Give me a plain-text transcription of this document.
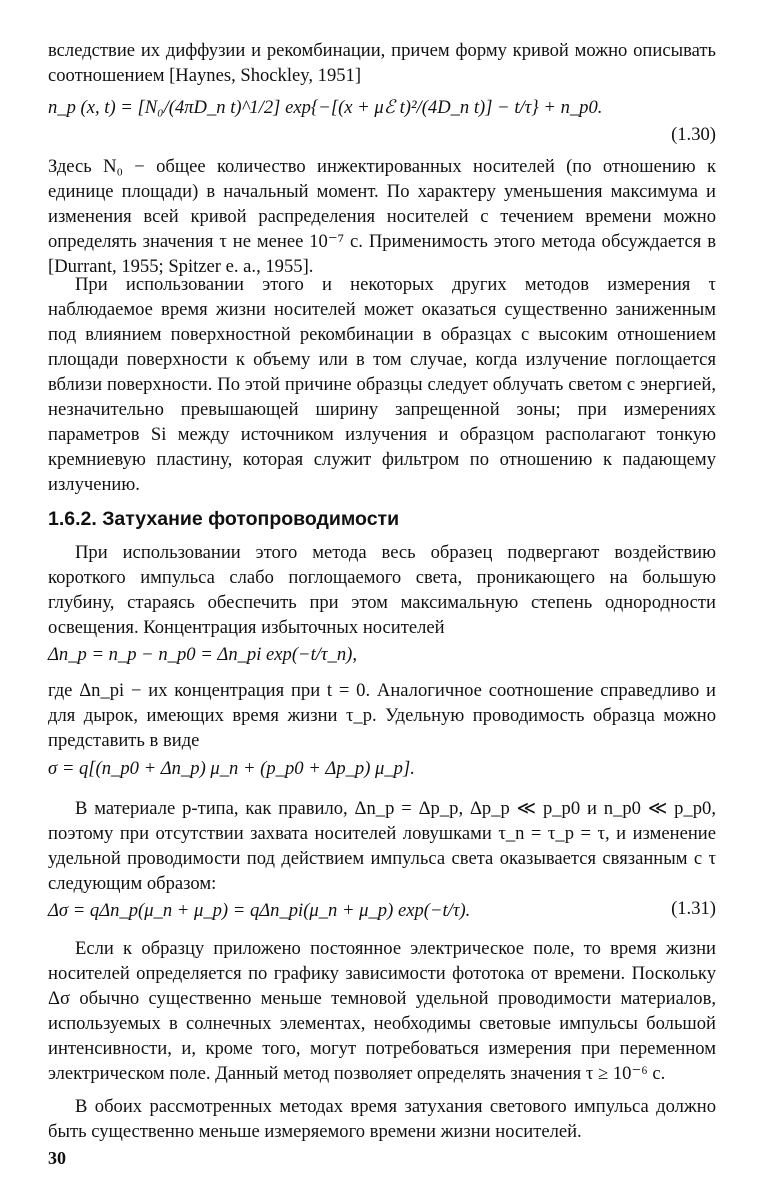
вследствие их диффузии и рекомбинации, причем форму кривой можно описывать соотношением [Haynes, Shockley, 1951]

n_p (x, t) = [N₀/(4πD_n t)^1/2] exp{−[(x + μℰ t)²/(4D_n t)] − t/τ} + n_p0.
(1.30)

Здесь N₀ − общее количество инжектированных носителей (по отношению к единице площади) в начальный момент. По характеру уменьшения максимума и изменения всей кривой распределения носителей с течением времени можно определять значения τ не менее 10⁻⁷ с. Применимость этого метода обсуждается в [Durrant, 1955; Spitzer e. a., 1955].

При использовании этого и некоторых других методов измерения τ наблюдаемое время жизни носителей может оказаться существенно заниженным под влиянием поверхностной рекомбинации в образцах с высоким отношением площади поверхности к объему или в том случае, когда излучение поглощается вблизи поверхности. По этой причине образцы следует облучать светом с энергией, незначительно превышающей ширину запрещенной зоны; при измерениях параметров Si между источником излучения и образцом располагают тонкую кремниевую пластину, которая служит фильтром по отношению к падающему излучению.

1.6.2. Затухание фотопроводимости

При использовании этого метода весь образец подвергают воздействию короткого импульса слабо поглощаемого света, проникающего на большую глубину, стараясь обеспечить при этом максимальную степень однородности освещения. Концентрация избыточных носителей

Δn_p = n_p − n_p0 = Δn_pi exp(−t/τ_n),

где Δn_pi − их концентрация при t = 0. Аналогичное соотношение справедливо и для дырок, имеющих время жизни τ_p. Удельную проводимость образца можно представить в виде

σ = q[(n_p0 + Δn_p) μ_n + (p_p0 + Δp_p) μ_p].

В материале p-типа, как правило, Δn_p = Δp_p, Δp_p ≪ p_p0 и n_p0 ≪ p_p0, поэтому при отсутствии захвата носителей ловушками τ_n = τ_p = τ, и изменение удельной проводимости под действием импульса света оказывается связанным с τ следующим образом:

Δσ = qΔn_p(μ_n + μ_p) = qΔn_pi(μ_n + μ_p) exp(−t/τ).	(1.31)

Если к образцу приложено постоянное электрическое поле, то время жизни носителей определяется по графику зависимости фототока от времени. Поскольку Δσ обычно существенно меньше темновой удельной проводимости материалов, используемых в солнечных элементах, необходимы световые импульсы большой интенсивности, и, кроме того, могут потребоваться измерения при переменном электрическом поле. Данный метод позволяет определять значения τ ≥ 10⁻⁶ с.

В обоих рассмотренных методах время затухания светового импульса должно быть существенно меньше измеряемого времени жизни носителей.

30
